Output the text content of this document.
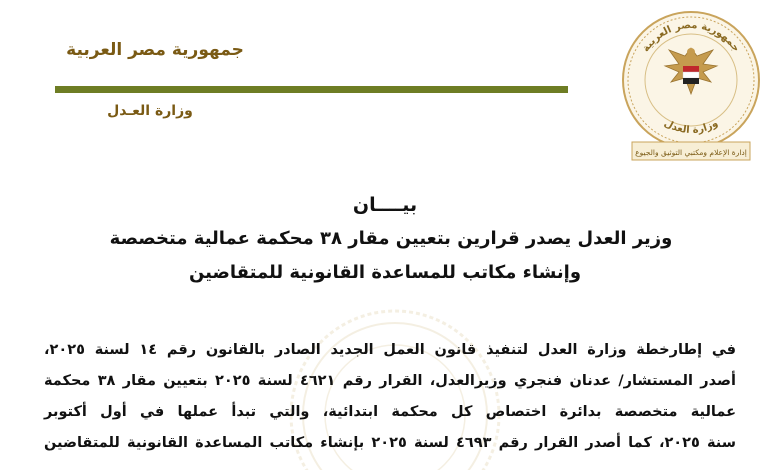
جمهورية مصر العربية
وزارة العـدل
جمهورية مصر العربية
وزارة العدل
إدارة الإعلام ومكتبي التوثيق والجيوع
بيــــان
وزير العدل يصدر قرارين بتعيين مقار ٣٨ محكمة عمالية متخصصة
وإنشاء مكاتب للمساعدة القانونية للمتقاضين
في إطارخطة وزارة العدل لتنفيذ قانون العمل الجديد الصادر بالقانون رقم ١٤ لسنة ٢٠٢٥،
أصدر المستشار/ عدنان فنجري وزيرالعدل، القرار رقم ٤٦٢١ لسنة ٢٠٢٥ بتعيين مقار ٣٨ محكمة
عمالية متخصصة بدائرة اختصاص كل محكمة ابتدائية، والتي تبدأ عملها في أول أكتوبر
سنة ٢٠٢٥، كما أصدر القرار رقم ٤٦٩٣ لسنة ٢٠٢٥ بإنشاء مكاتب المساعدة القانونية للمتقاضين
